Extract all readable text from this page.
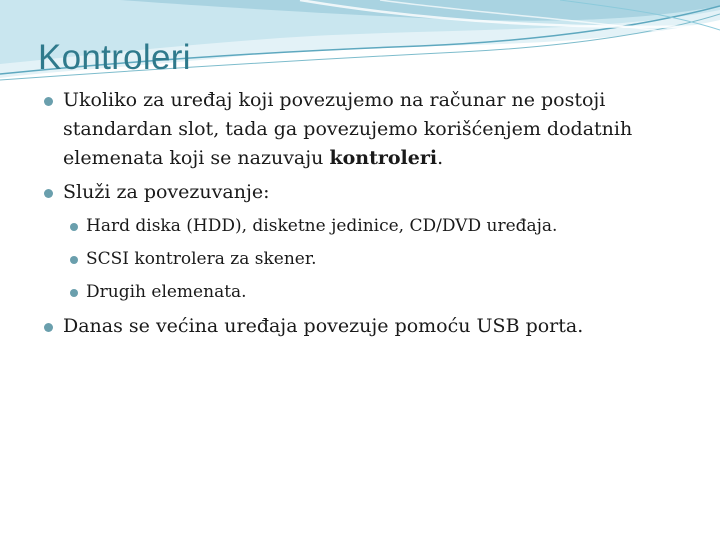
Kontroleri
Ukoliko za uređaj koji povezujemo na računar ne postoji standardan slot, tada ga povezujemo korišćenjem dodatnih elemenata koji se nazuvaju kontroleri.
Služi za povezuvanje:
Hard diska (HDD), disketne jedinice, CD/DVD uređaja.
SCSI kontrolera za skener.
Drugih elemenata.
Danas se većina uređaja povezuje pomoću USB porta.
